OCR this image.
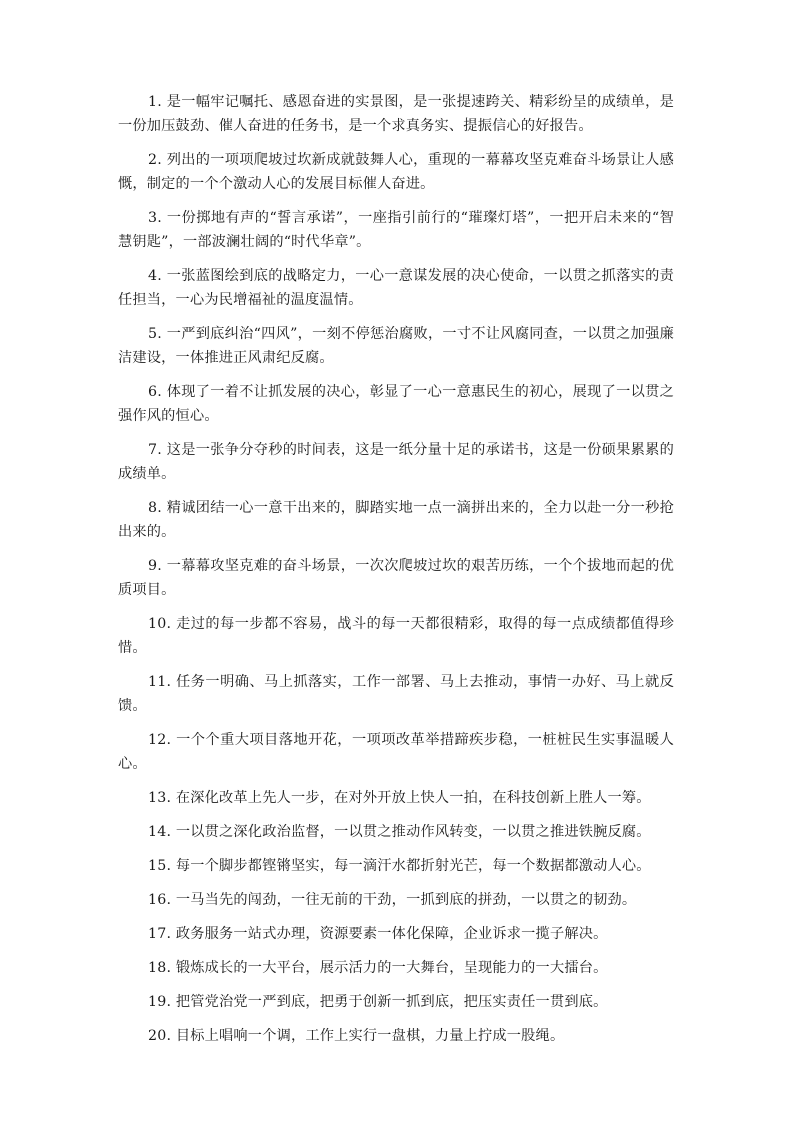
1. 是一幅牢记嘱托、感恩奋进的实景图，是一张提速跨关、精彩纷呈的成绩单，是一份加压鼓劲、催人奋进的任务书，是一个求真务实、提振信心的好报告。

2. 列出的一项项爬坡过坎新成就鼓舞人心，重现的一幕幕攻坚克难奋斗场景让人感慨，制定的一个个激动人心的发展目标催人奋进。

3. 一份掷地有声的“誓言承诺”，一座指引前行的“璀璨灯塔”，一把开启未来的“智慧钥匙”，一部波澜壮阔的“时代华章”。

4. 一张蓝图绘到底的战略定力，一心一意谋发展的决心使命，一以贯之抓落实的责任担当，一心为民增福祉的温度温情。

5. 一严到底纠治“四风”，一刻不停惩治腐败，一寸不让风腐同查，一以贯之加强廉洁建设，一体推进正风肃纪反腐。

6. 体现了一着不让抓发展的决心，彰显了一心一意惠民生的初心，展现了一以贯之强作风的恒心。

7. 这是一张争分夺秒的时间表，这是一纸分量十足的承诺书，这是一份硕果累累的成绩单。

8. 精诚团结一心一意干出来的，脚踏实地一点一滴拼出来的，全力以赴一分一秒抢出来的。

9. 一幕幕攻坚克难的奋斗场景，一次次爬坡过坎的艰苦历练，一个个拔地而起的优质项目。

10. 走过的每一步都不容易，战斗的每一天都很精彩，取得的每一点成绩都值得珍惜。

11. 任务一明确、马上抓落实，工作一部署、马上去推动，事情一办好、马上就反馈。

12. 一个个重大项目落地开花，一项项改革举措蹄疾步稳，一桩桩民生实事温暖人心。

13. 在深化改革上先人一步，在对外开放上快人一拍，在科技创新上胜人一筹。

14. 一以贯之深化政治监督，一以贯之推动作风转变，一以贯之推进铁腕反腐。

15. 每一个脚步都铿锵坚实，每一滴汗水都折射光芒，每一个数据都激动人心。

16. 一马当先的闯劲，一往无前的干劲，一抓到底的拼劲，一以贯之的韧劲。

17. 政务服务一站式办理，资源要素一体化保障，企业诉求一揽子解决。

18. 锻炼成长的一大平台，展示活力的一大舞台，呈现能力的一大擂台。

19. 把管党治党一严到底，把勇于创新一抓到底，把压实责任一贯到底。

20. 目标上唱响一个调，工作上实行一盘棋，力量上拧成一股绳。
